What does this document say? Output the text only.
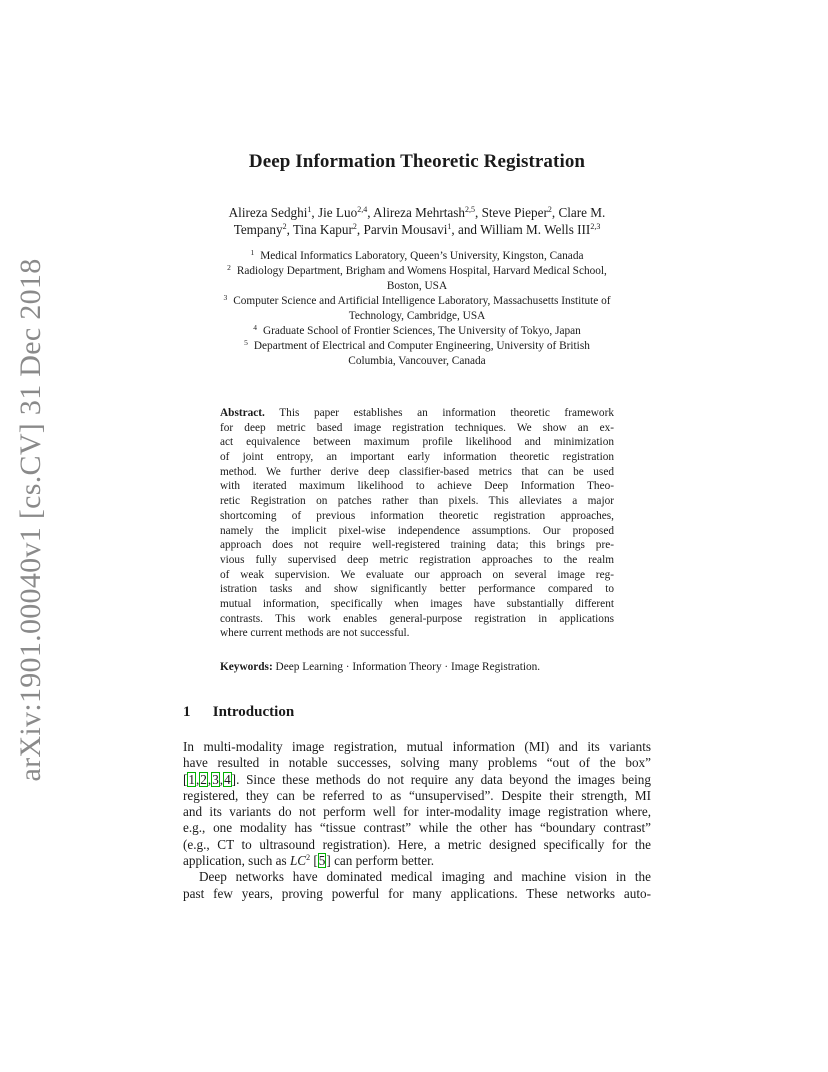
arXiv:1901.00040v1 [cs.CV] 31 Dec 2018
Deep Information Theoretic Registration
Alireza Sedghi$^1$, Jie Luo$^{2,4}$, Alireza Mehrtash$^{2,5}$, Steve Pieper$^2$, Clare M.
Tempany$^2$, Tina Kapur$^2$, Parvin Mousavi$^1$, and William M. Wells III$^{2,3}$
$^1$ Medical Informatics Laboratory, Queen’s University, Kingston, Canada
$^2$ Radiology Department, Brigham and Womens Hospital, Harvard Medical School,
Boston, USA
$^3$ Computer Science and Artificial Intelligence Laboratory, Massachusetts Institute of
Technology, Cambridge, USA
$^4$ Graduate School of Frontier Sciences, The University of Tokyo, Japan
$^5$ Department of Electrical and Computer Engineering, University of British
Columbia, Vancouver, Canada
Abstract. This paper establishes an information theoretic framework
for deep metric based image registration techniques. We show an ex-
act equivalence between maximum profile likelihood and minimization
of joint entropy, an important early information theoretic registration
method. We further derive deep classifier-based metrics that can be used
with iterated maximum likelihood to achieve Deep Information Theo-
retic Registration on patches rather than pixels. This alleviates a major
shortcoming of previous information theoretic registration approaches,
namely the implicit pixel-wise independence assumptions. Our proposed
approach does not require well-registered training data; this brings pre-
vious fully supervised deep metric registration approaches to the realm
of weak supervision. We evaluate our approach on several image reg-
istration tasks and show significantly better performance compared to
mutual information, specifically when images have substantially different
contrasts. This work enables general-purpose registration in applications
where current methods are not successful.
Keywords: Deep Learning · Information Theory · Image Registration.
1 Introduction
In multi-modality image registration, mutual information (MI) and its variants
have resulted in notable successes, solving many problems “out of the box”
[1,2,3,4]. Since these methods do not require any data beyond the images being
registered, they can be referred to as “unsupervised”. Despite their strength, MI
and its variants do not perform well for inter-modality image registration where,
e.g., one modality has “tissue contrast” while the other has “boundary contrast”
(e.g., CT to ultrasound registration). Here, a metric designed specifically for the
application, such as $LC^2$ [5] can perform better.
Deep networks have dominated medical imaging and machine vision in the
past few years, proving powerful for many applications. These networks auto-
